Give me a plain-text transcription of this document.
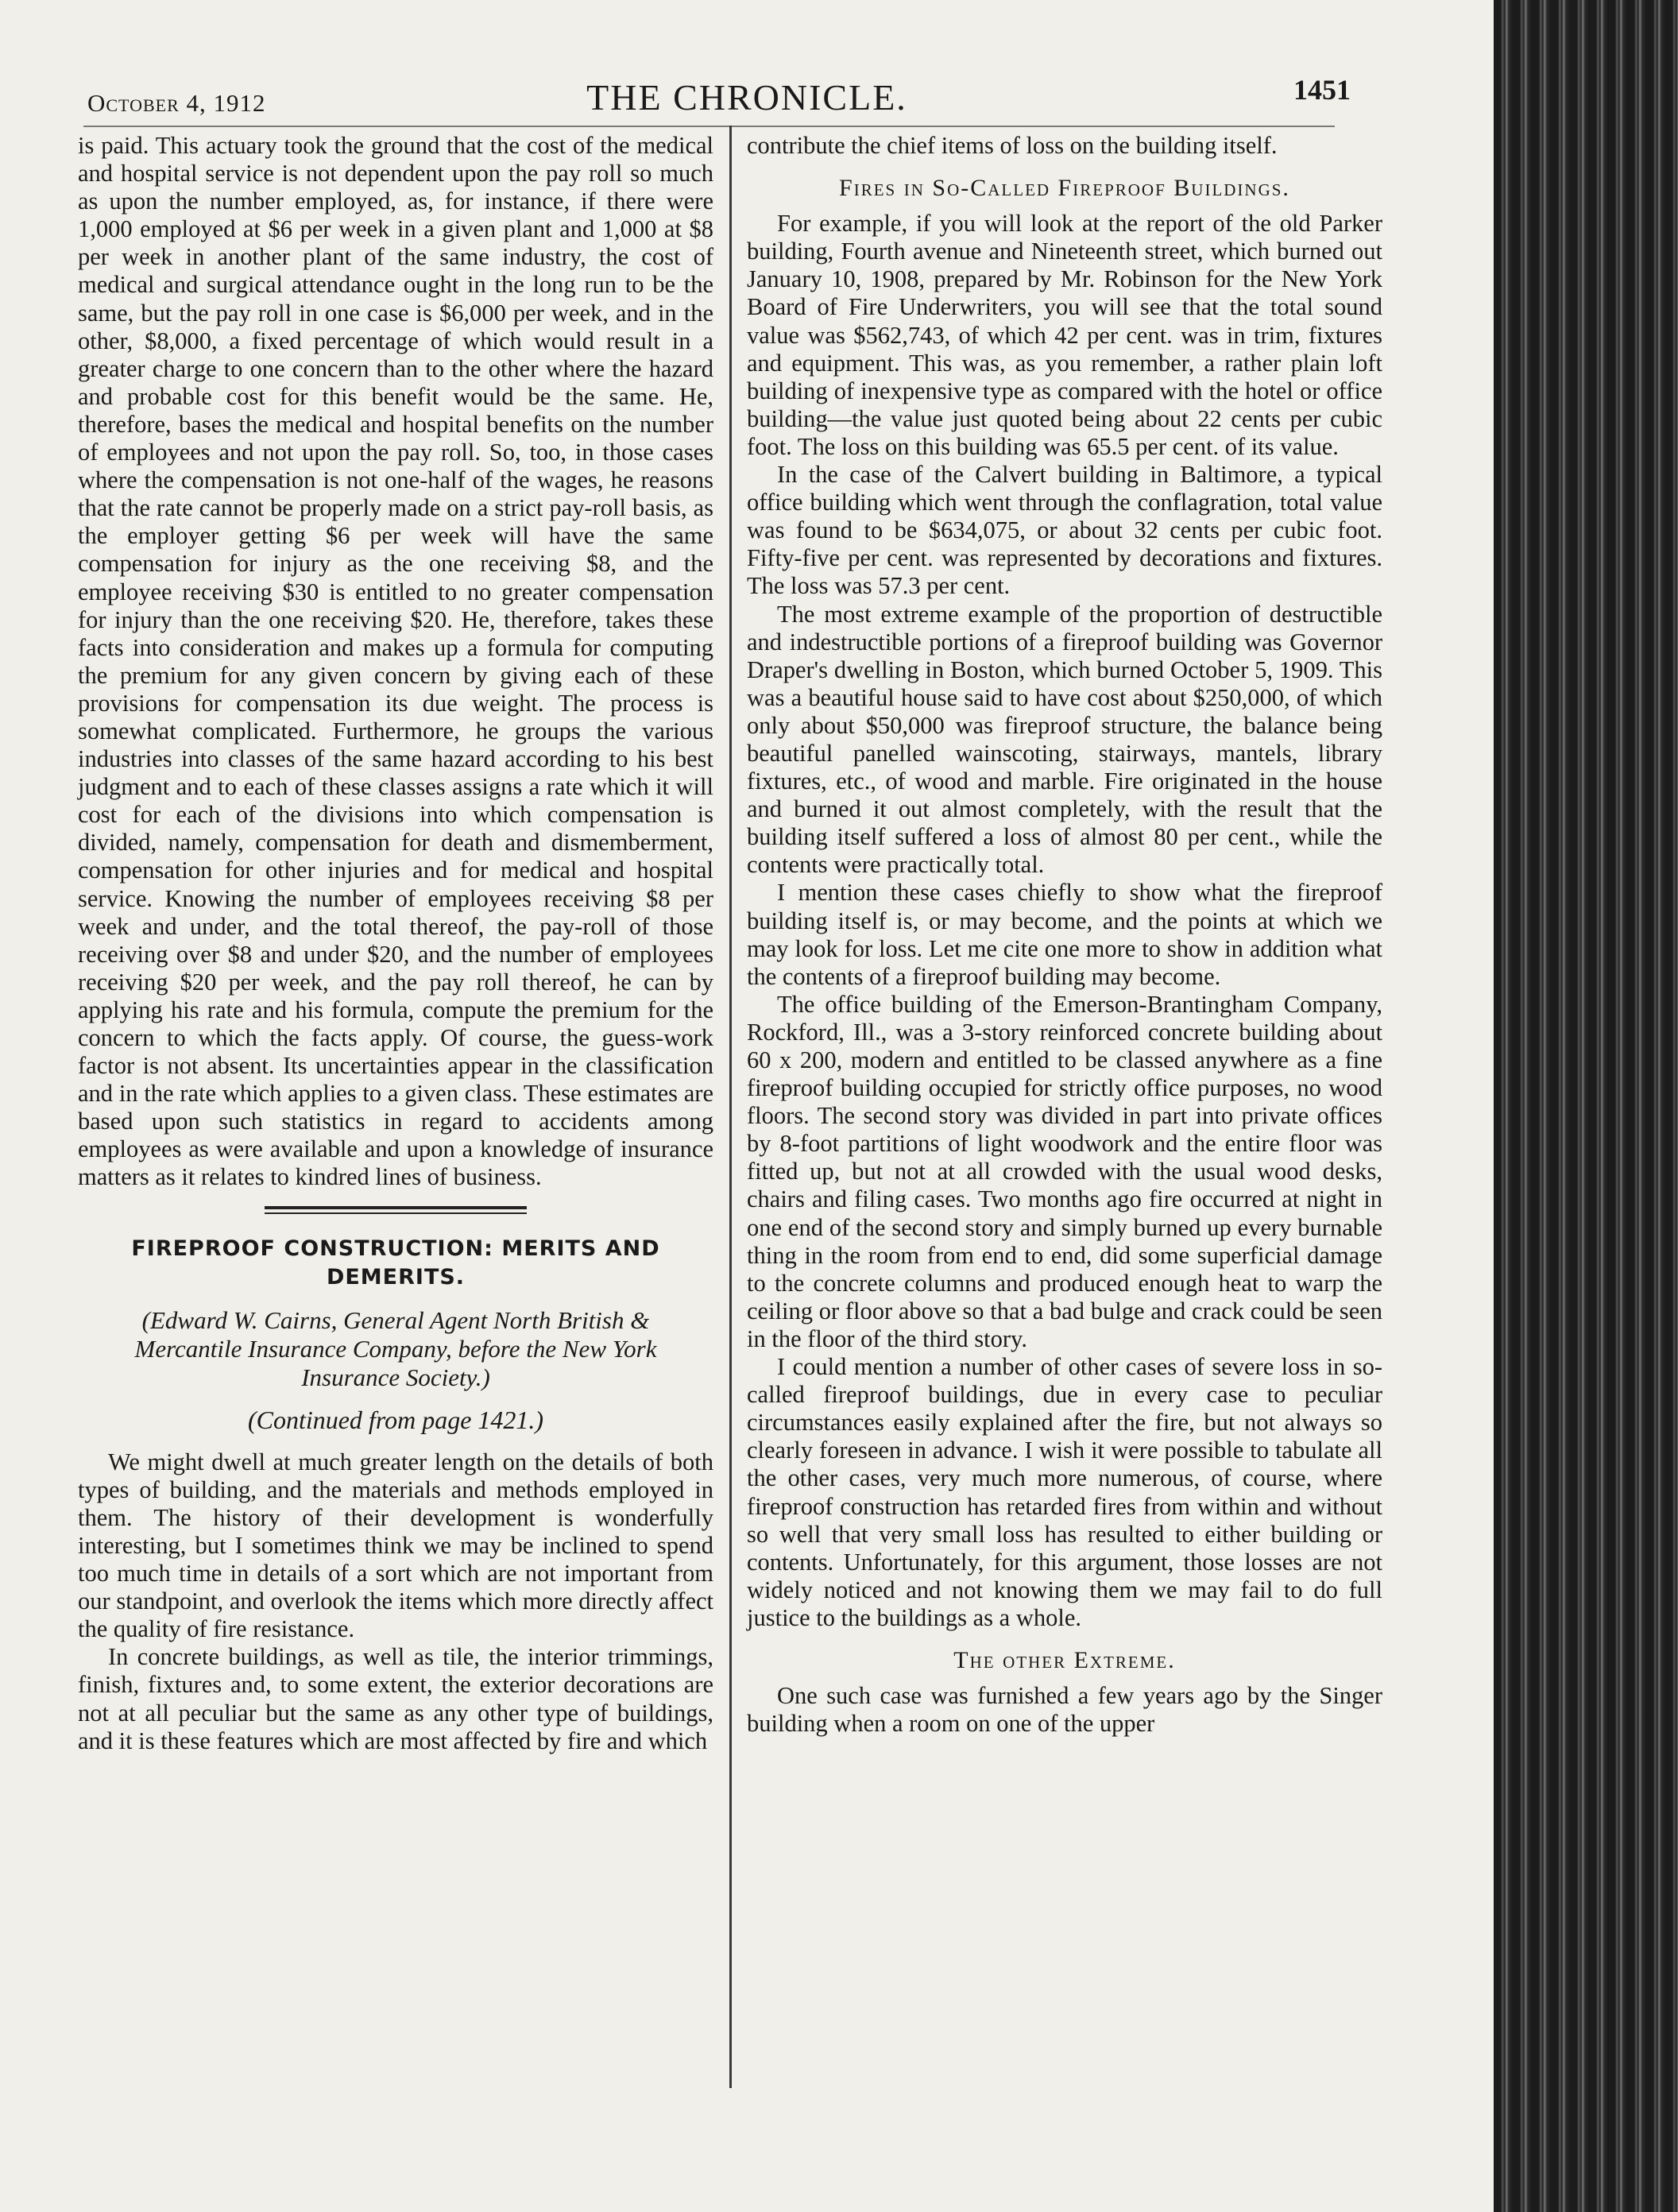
October 4, 1912	THE CHRONICLE.	1451

is paid. This actuary took the ground that the cost of the medical and hospital service is not dependent upon the pay roll so much as upon the number employed, as, for instance, if there were 1,000 employed at $6 per week in a given plant and 1,000 at $8 per week in another plant of the same industry, the cost of medical and surgical attendance ought in the long run to be the same, but the pay roll in one case is $6,000 per week, and in the other, $8,000, a fixed percentage of which would result in a greater charge to one concern than to the other where the hazard and probable cost for this benefit would be the same. He, therefore, bases the medical and hospital benefits on the number of employees and not upon the pay roll. So, too, in those cases where the compensation is not one-half of the wages, he reasons that the rate cannot be properly made on a strict pay-roll basis, as the employer getting $6 per week will have the same compensation for injury as the one receiving $8, and the employee receiving $30 is entitled to no greater compensation for injury than the one receiving $20. He, therefore, takes these facts into consideration and makes up a formula for computing the premium for any given concern by giving each of these provisions for compensation its due weight. The process is somewhat complicated. Furthermore, he groups the various industries into classes of the same hazard according to his best judgment and to each of these classes assigns a rate which it will cost for each of the divisions into which compensation is divided, namely, compensation for death and dismemberment, compensation for other injuries and for medical and hospital service. Knowing the number of employees receiving $8 per week and under, and the total thereof, the pay-roll of those receiving over $8 and under $20, and the number of employees receiving $20 per week, and the pay roll thereof, he can by applying his rate and his formula, compute the premium for the concern to which the facts apply. Of course, the guess-work factor is not absent. Its uncertainties appear in the classification and in the rate which applies to a given class. These estimates are based upon such statistics in regard to accidents among employees as were available and upon a knowledge of insurance matters as it relates to kindred lines of business.

FIREPROOF CONSTRUCTION: MERITS AND DEMERITS.
(Edward W. Cairns, General Agent North British & Mercantile Insurance Company, before the New York Insurance Society.)
(Continued from page 1421.)

We might dwell at much greater length on the details of both types of building, and the materials and methods employed in them. The history of their development is wonderfully interesting, but I sometimes think we may be inclined to spend too much time in details of a sort which are not important from our standpoint, and overlook the items which more directly affect the quality of fire resistance.

In concrete buildings, as well as tile, the interior trimmings, finish, fixtures and, to some extent, the exterior decorations are not at all peculiar but the same as any other type of buildings, and it is these features which are most affected by fire and which

contribute the chief items of loss on the building itself.

Fires in So-Called Fireproof Buildings.

For example, if you will look at the report of the old Parker building, Fourth avenue and Nineteenth street, which burned out January 10, 1908, prepared by Mr. Robinson for the New York Board of Fire Underwriters, you will see that the total sound value was $562,743, of which 42 per cent. was in trim, fixtures and equipment. This was, as you remember, a rather plain loft building of inexpensive type as compared with the hotel or office building—the value just quoted being about 22 cents per cubic foot. The loss on this building was 65.5 per cent. of its value.

In the case of the Calvert building in Baltimore, a typical office building which went through the conflagration, total value was found to be $634,075, or about 32 cents per cubic foot. Fifty-five per cent. was represented by decorations and fixtures. The loss was 57.3 per cent.

The most extreme example of the proportion of destructible and indestructible portions of a fireproof building was Governor Draper's dwelling in Boston, which burned October 5, 1909. This was a beautiful house said to have cost about $250,000, of which only about $50,000 was fireproof structure, the balance being beautiful panelled wainscoting, stairways, mantels, library fixtures, etc., of wood and marble. Fire originated in the house and burned it out almost completely, with the result that the building itself suffered a loss of almost 80 per cent., while the contents were practically total.

I mention these cases chiefly to show what the fireproof building itself is, or may become, and the points at which we may look for loss. Let me cite one more to show in addition what the contents of a fireproof building may become.

The office building of the Emerson-Brantingham Company, Rockford, Ill., was a 3-story reinforced concrete building about 60 x 200, modern and entitled to be classed anywhere as a fine fireproof building occupied for strictly office purposes, no wood floors. The second story was divided in part into private offices by 8-foot partitions of light woodwork and the entire floor was fitted up, but not at all crowded with the usual wood desks, chairs and filing cases. Two months ago fire occurred at night in one end of the second story and simply burned up every burnable thing in the room from end to end, did some superficial damage to the concrete columns and produced enough heat to warp the ceiling or floor above so that a bad bulge and crack could be seen in the floor of the third story.

I could mention a number of other cases of severe loss in so-called fireproof buildings, due in every case to peculiar circumstances easily explained after the fire, but not always so clearly foreseen in advance. I wish it were possible to tabulate all the other cases, very much more numerous, of course, where fireproof construction has retarded fires from within and without so well that very small loss has resulted to either building or contents. Unfortunately, for this argument, those losses are not widely noticed and not knowing them we may fail to do full justice to the buildings as a whole.

The other Extreme.

One such case was furnished a few years ago by the Singer building when a room on one of the upper
